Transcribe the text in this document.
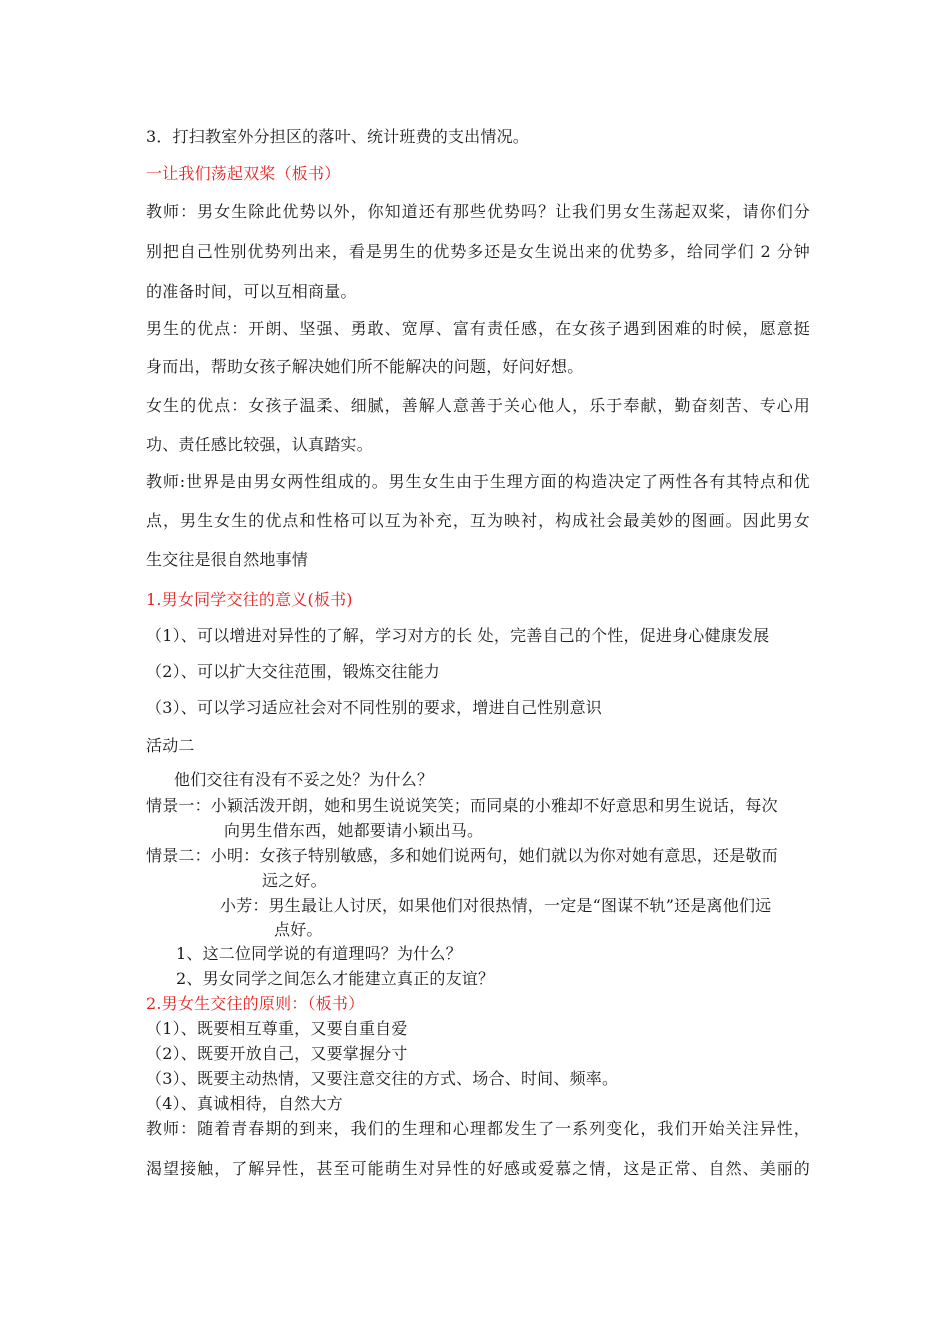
3．打扫教室外分担区的落叶、统计班费的支出情况。
一让我们荡起双桨（板书）
教师：男女生除此优势以外，你知道还有那些优势吗？让我们男女生荡起双桨，请你们分
别把自己性别优势列出来，看是男生的优势多还是女生说出来的优势多，给同学们 2 分钟
的准备时间，可以互相商量。
男生的优点：开朗、坚强、勇敢、宽厚、富有责任感，在女孩子遇到困难的时候，愿意挺
身而出，帮助女孩子解决她们所不能解决的问题，好问好想。
女生的优点：女孩子温柔、细腻，善解人意善于关心他人，乐于奉献，勤奋刻苦、专心用
功、责任感比较强，认真踏实。
教师:世界是由男女两性组成的。男生女生由于生理方面的构造决定了两性各有其特点和优
点，男生女生的优点和性格可以互为补充，互为映衬，构成社会最美妙的图画。因此男女
生交往是很自然地事情
1.男女同学交往的意义(板书)
（1）、可以增进对异性的了解，学习对方的长 处，完善自己的个性，促进身心健康发展
（2）、可以扩大交往范围，锻炼交往能力
（3）、可以学习适应社会对不同性别的要求，增进自己性别意识
活动二
他们交往有没有不妥之处？为什么？
情景一：小颖活泼开朗，她和男生说说笑笑；而同桌的小雅却不好意思和男生说话，每次
向男生借东西，她都要请小颖出马。
情景二：小明：女孩子特别敏感，多和她们说两句，她们就以为你对她有意思，还是敬而
远之好。
小芳：男生最让人讨厌，如果他们对很热情，一定是“图谋不轨”还是离他们远
点好。
1、这二位同学说的有道理吗？为什么？
2、男女同学之间怎么才能建立真正的友谊？
2.男女生交往的原则：（板书）
（1）、既要相互尊重，又要自重自爱
（2）、既要开放自己，又要掌握分寸
（3）、既要主动热情，又要注意交往的方式、场合、时间、频率。
（4）、真诚相待，自然大方
教师：随着青春期的到来，我们的生理和心理都发生了一系列变化，我们开始关注异性，
渴望接触，了解异性，甚至可能萌生对异性的好感或爱慕之情，这是正常、自然、美丽的
